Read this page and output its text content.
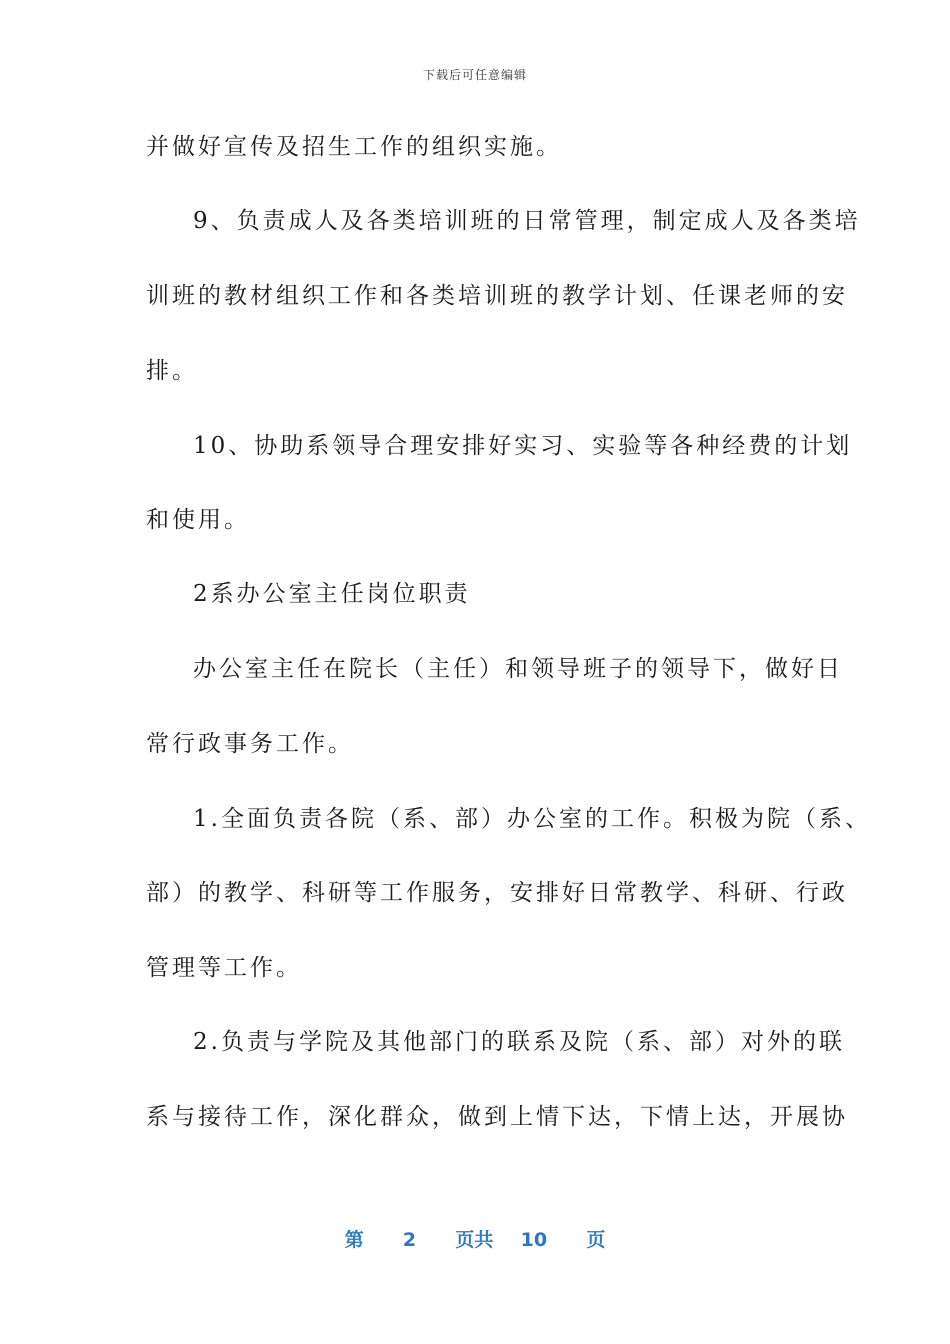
下载后可任意编辑
并做好宣传及招生工作的组织实施。
9、负责成人及各类培训班的日常管理，制定成人及各类培
训班的教材组织工作和各类培训班的教学计划、任课老师的安
排。
10、协助系领导合理安排好实习、实验等各种经费的计划
和使用。
2系办公室主任岗位职责
办公室主任在院长（主任）和领导班子的领导下，做好日
常行政事务工作。
1.全面负责各院（系、部）办公室的工作。积极为院（系、
部）的教学、科研等工作服务，安排好日常教学、科研、行政
管理等工作。
2.负责与学院及其他部门的联系及院（系、部）对外的联
系与接待工作，深化群众，做到上情下达，下情上达，开展协
第 2 页共 10 页
